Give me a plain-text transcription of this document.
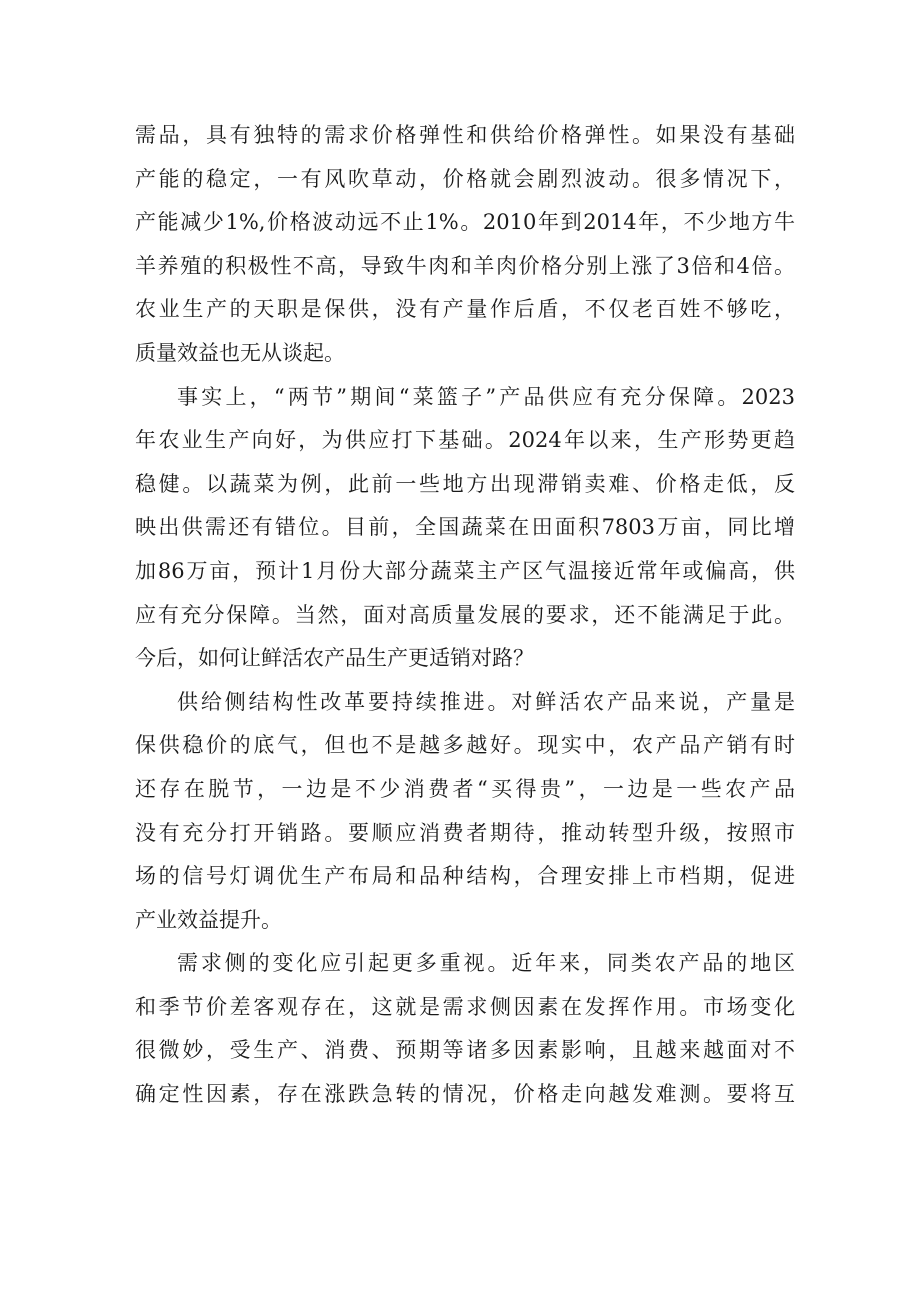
需品，具有独特的需求价格弹性和供给价格弹性。如果没有基础
产能的稳定，一有风吹草动，价格就会剧烈波动。很多情况下，
产能减少1%,价格波动远不止1%。2010年到2014年，不少地方牛
羊养殖的积极性不高，导致牛肉和羊肉价格分别上涨了3倍和4倍。
农业生产的天职是保供，没有产量作后盾，不仅老百姓不够吃，
质量效益也无从谈起。
事实上，“两节”期间“菜篮子”产品供应有充分保障。2023
年农业生产向好，为供应打下基础。2024年以来，生产形势更趋
稳健。以蔬菜为例，此前一些地方出现滞销卖难、价格走低，反
映出供需还有错位。目前，全国蔬菜在田面积7803万亩，同比增
加86万亩，预计1月份大部分蔬菜主产区气温接近常年或偏高，供
应有充分保障。当然，面对高质量发展的要求，还不能满足于此。
今后，如何让鲜活农产品生产更适销对路？
供给侧结构性改革要持续推进。对鲜活农产品来说，产量是
保供稳价的底气，但也不是越多越好。现实中，农产品产销有时
还存在脱节，一边是不少消费者“买得贵”，一边是一些农产品
没有充分打开销路。要顺应消费者期待，推动转型升级，按照市
场的信号灯调优生产布局和品种结构，合理安排上市档期，促进
产业效益提升。
需求侧的变化应引起更多重视。近年来，同类农产品的地区
和季节价差客观存在，这就是需求侧因素在发挥作用。市场变化
很微妙，受生产、消费、预期等诸多因素影响，且越来越面对不
确定性因素，存在涨跌急转的情况，价格走向越发难测。要将互
